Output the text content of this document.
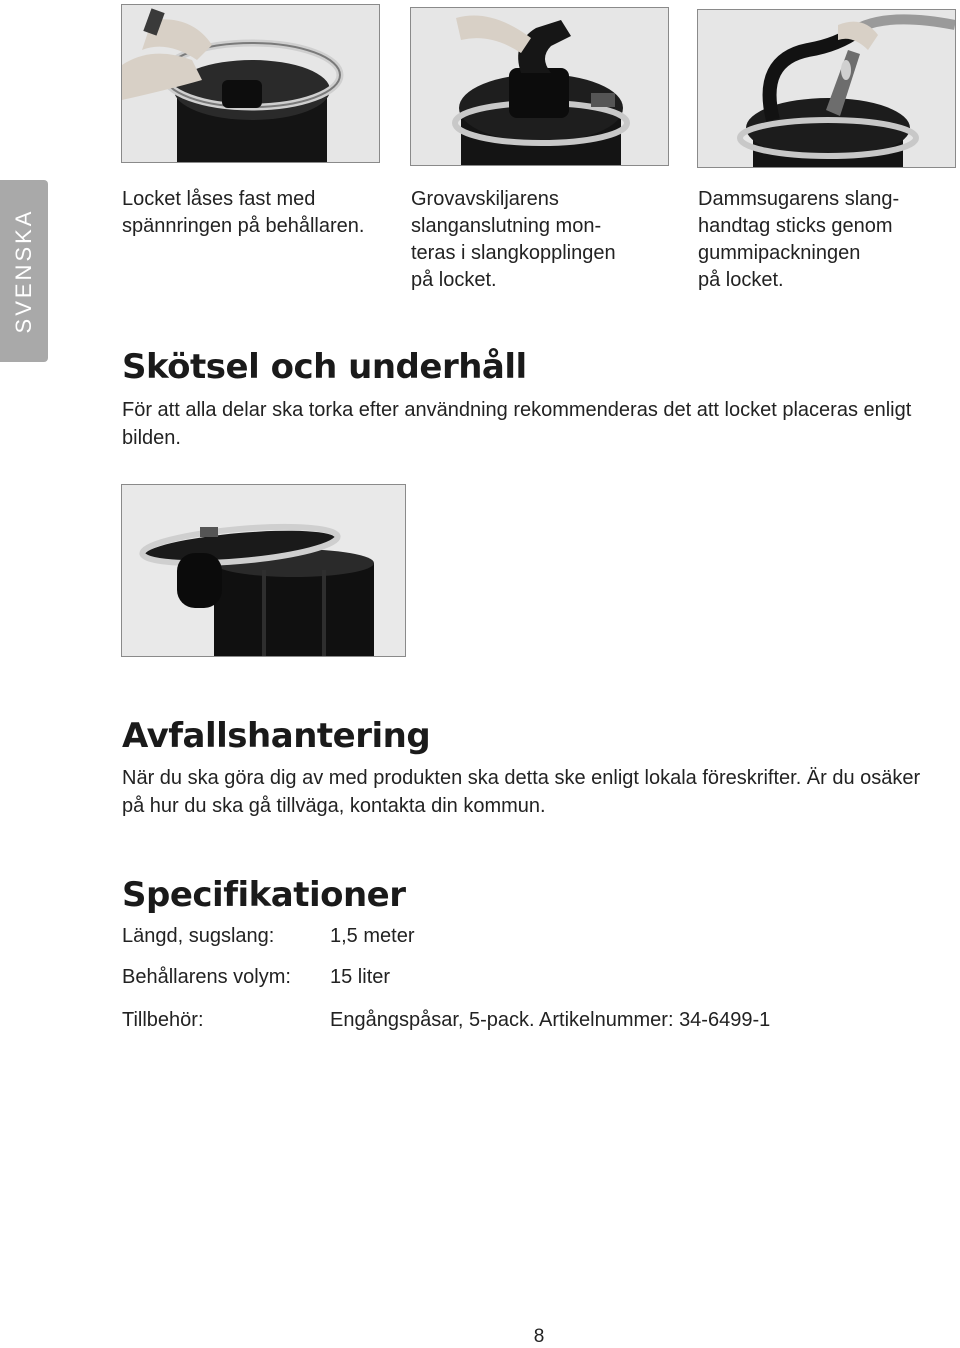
SVENSKA
Locket låses fast med
spännringen på behållaren.
Grovavskiljarens
slanganslutning mon-
teras i slangkopplingen
på locket.
Dammsugarens slang-
handtag sticks genom
gummipackningen
på locket.
Skötsel och underhåll

För att alla delar ska torka efter användning rekommenderas det att locket placeras enligt bilden.

Avfallshantering

När du ska göra dig av med produkten ska detta ske enligt lokala föreskrifter. Är du osäker på hur du ska gå tillväga, kontakta din kommun.

Specifikationer
Längd, sugslang:	1,5 meter
Behållarens volym: 15 liter
Tillbehör:	Engångspåsar, 5-pack. Artikelnummer: 34-6499-1
8
